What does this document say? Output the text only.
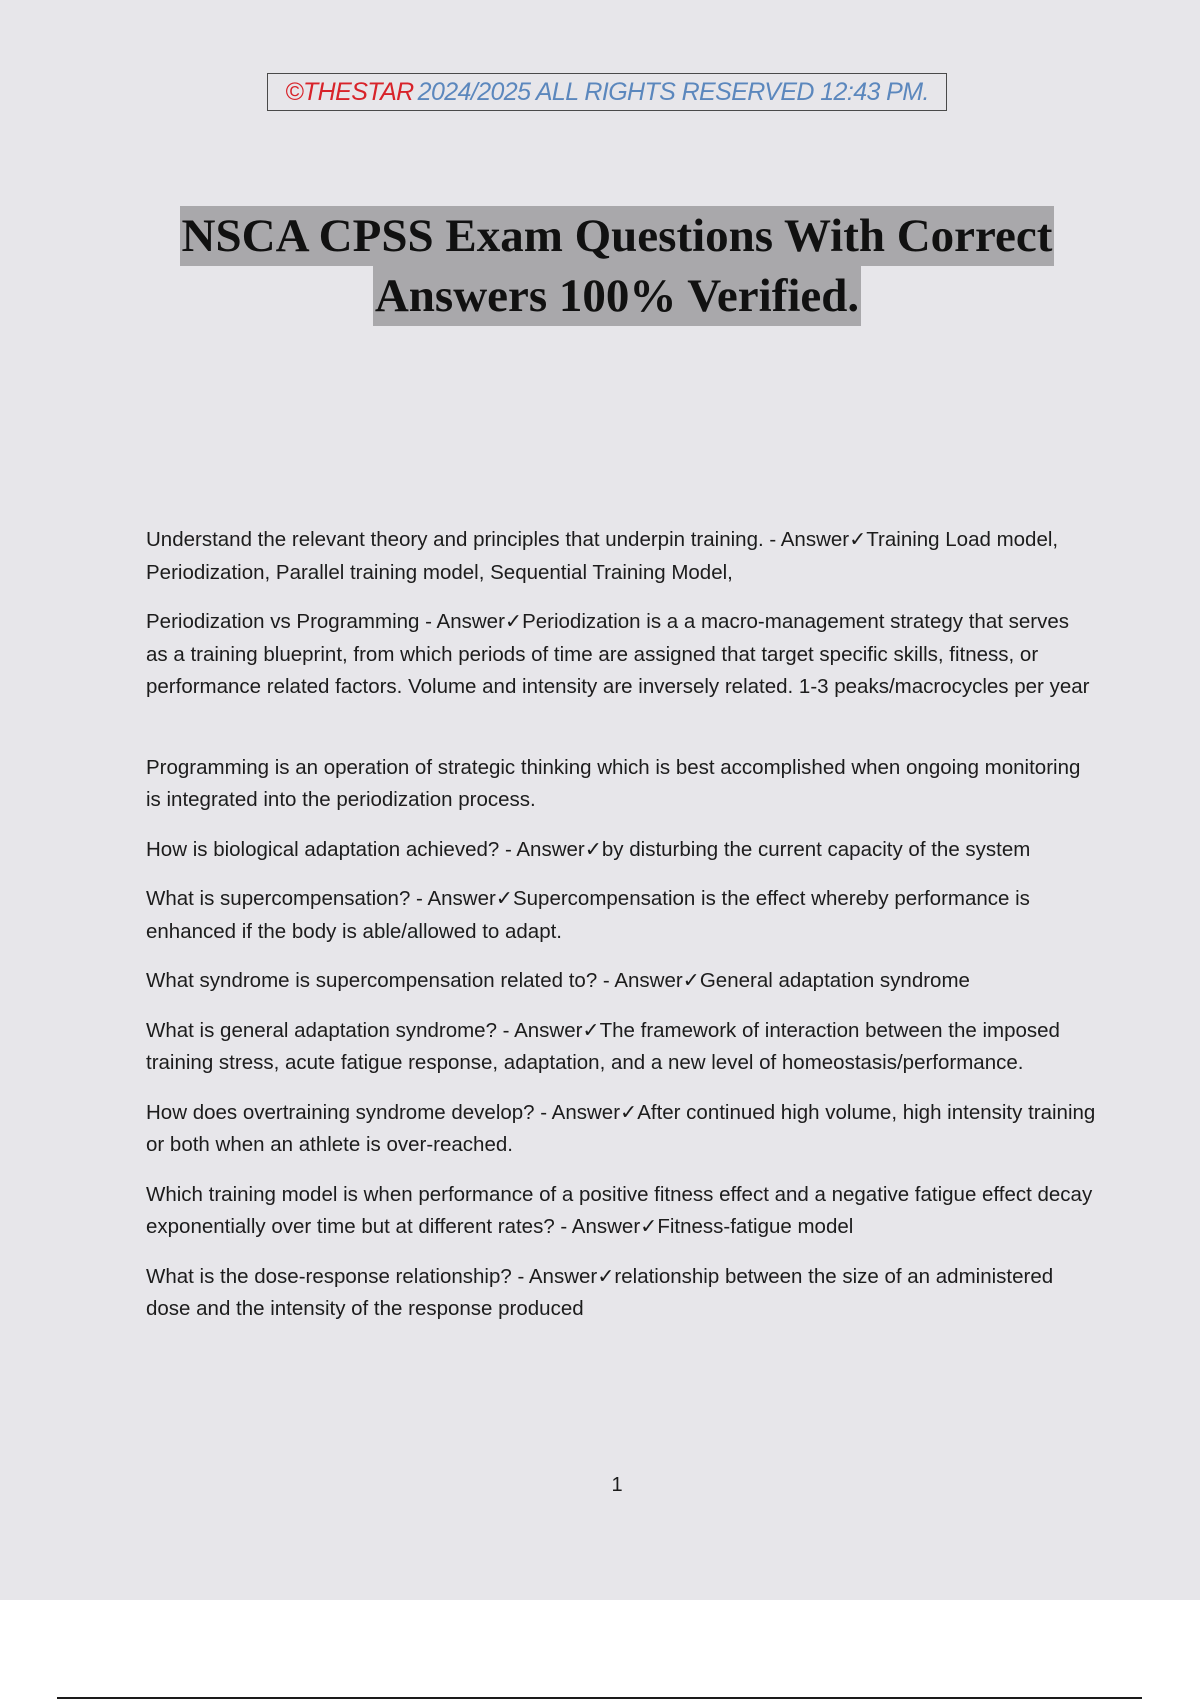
©THESTAR 2024/2025 ALL RIGHTS RESERVED 12:43 PM.
NSCA CPSS Exam Questions With Correct
Answers 100% Verified.

Understand the relevant theory and principles that underpin training. - Answer✓Training Load model, Periodization, Parallel training model, Sequential Training Model,

Periodization vs Programming - Answer✓Periodization is a a macro-management strategy that serves as a training blueprint, from which periods of time are assigned that target specific skills, fitness, or performance related factors. Volume and intensity are inversely related. 1-3 peaks/macrocycles per year

Programming is an operation of strategic thinking which is best accomplished when ongoing monitoring is integrated into the periodization process.

How is biological adaptation achieved? - Answer✓by disturbing the current capacity of the system

What is supercompensation? - Answer✓Supercompensation is the effect whereby performance is enhanced if the body is able/allowed to adapt.

What syndrome is supercompensation related to? - Answer✓General adaptation syndrome

What is general adaptation syndrome? - Answer✓The framework of interaction between the imposed training stress, acute fatigue response, adaptation, and a new level of homeostasis/performance.

How does overtraining syndrome develop? - Answer✓After continued high volume, high intensity training or both when an athlete is over-reached.

Which training model is when performance of a positive fitness effect and a negative fatigue effect decay exponentially over time but at different rates? - Answer✓Fitness-fatigue model

What is the dose-response relationship? - Answer✓relationship between the size of an administered dose and the intensity of the response produced

1
